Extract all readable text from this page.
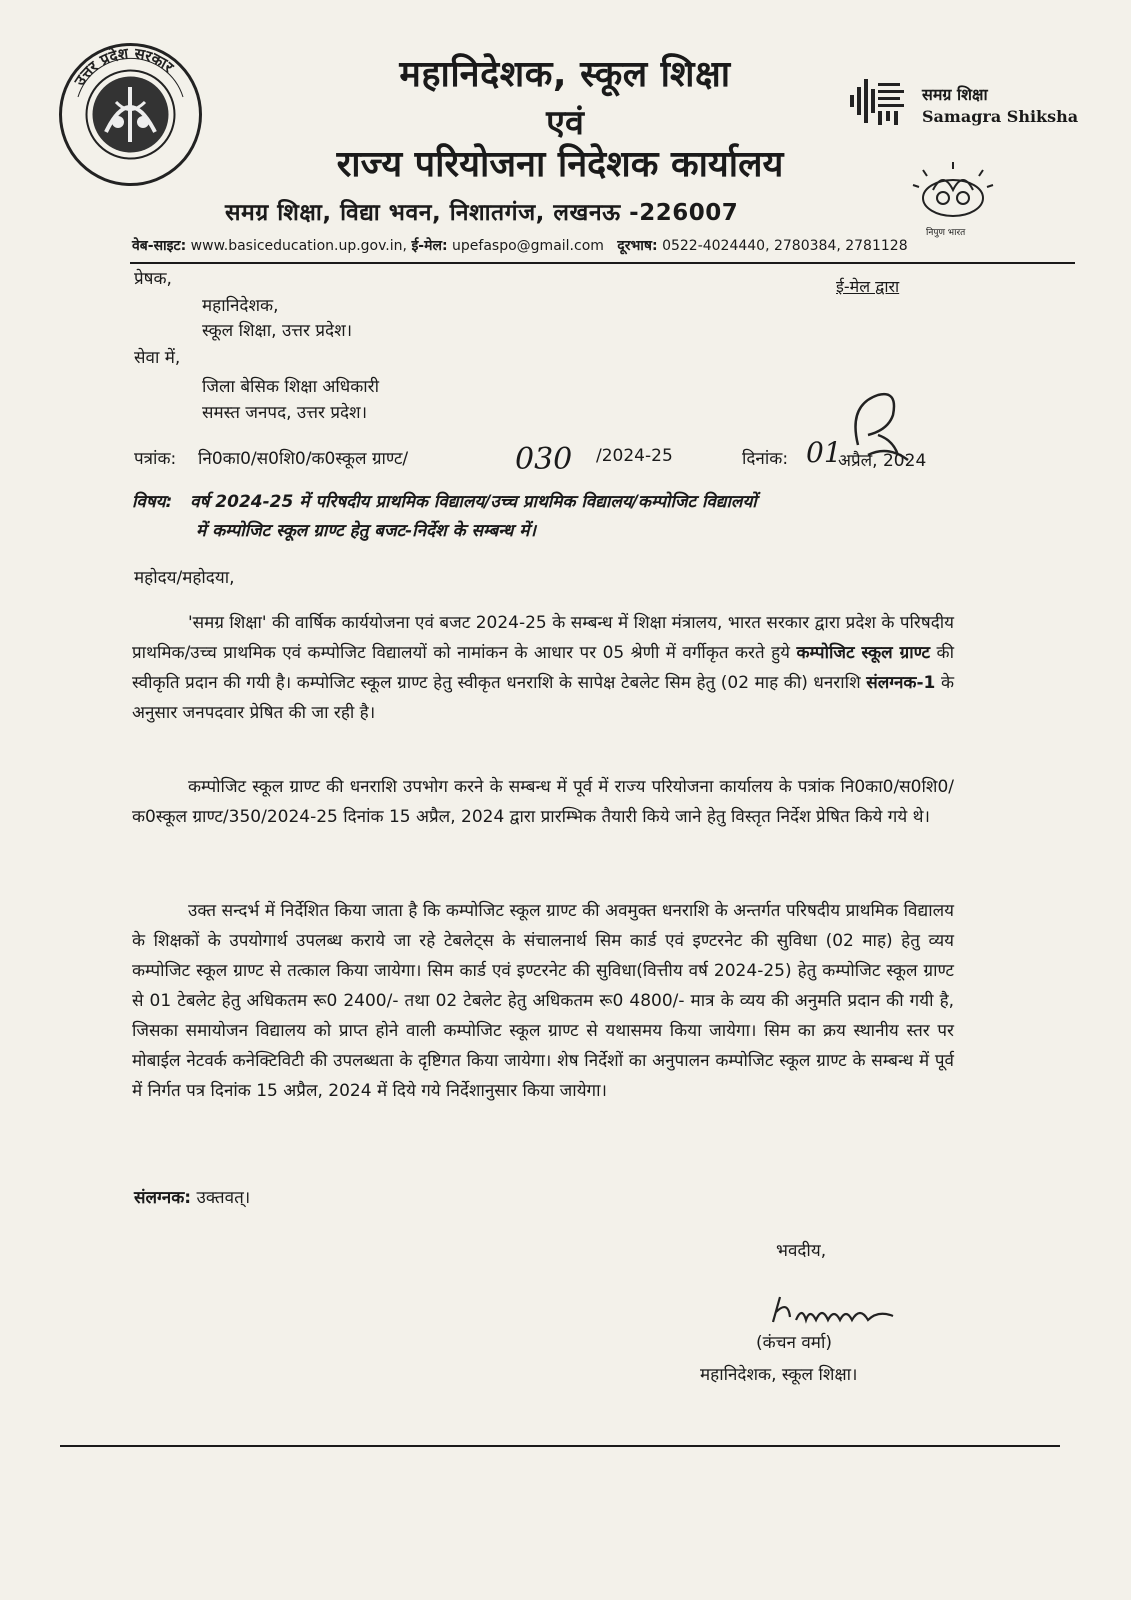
उत्तर प्रदेश सरकार	महानिदेशक, स्कूल शिक्षा
एवं
राज्य परियोजना निदेशक कार्यालय
समग्र शिक्षा, विद्या भवन, निशातगंज, लखनऊ -226007
समग्र शिक्षा
Samagra Shiksha
निपुण भारत
वेब-साइट: www.basiceducation.up.gov.in, ई-मेल: upefaspo@gmail.com दूरभाष: 0522-4024440, 2780384, 2781128
प्रेषक,	ई-मेल द्वारा
महानिदेशक,
स्कूल शिक्षा, उत्तर प्रदेश।
सेवा में,
जिला बेसिक शिक्षा अधिकारी
समस्त जनपद, उत्तर प्रदेश।
पत्रांक: नि0का0/स0शि0/क0स्कूल ग्राण्ट/	030 /2024-25	दिनांक: 01
अप्रैल, 2024
विषय: वर्ष 2024-25 में परिषदीय प्राथमिक विद्यालय/उच्च प्राथमिक विद्यालय/कम्पोजिट विद्यालयों
में कम्पोजिट स्कूल ग्राण्ट हेतु बजट-निर्देश के सम्बन्ध में।
महोदय/महोदया,

'समग्र शिक्षा' की वार्षिक कार्ययोजना एवं बजट 2024-25 के सम्बन्ध में शिक्षा मंत्रालय, भारत सरकार द्वारा प्रदेश के परिषदीय प्राथमिक/उच्च प्राथमिक एवं कम्पोजिट विद्यालयों को नामांकन के आधार पर 05 श्रेणी में वर्गीकृत करते हुये कम्पोजिट स्कूल ग्राण्ट की स्वीकृति प्रदान की गयी है। कम्पोजिट स्कूल ग्राण्ट हेतु स्वीकृत धनराशि के सापेक्ष टेबलेट सिम हेतु (02 माह की) धनराशि संलग्नक-1 के अनुसार जनपदवार प्रेषित की जा रही है।

कम्पोजिट स्कूल ग्राण्ट की धनराशि उपभोग करने के सम्बन्ध में पूर्व में राज्य परियोजना कार्यालय के पत्रांक नि0का0/स0शि0/क0स्कूल ग्राण्ट/350/2024-25 दिनांक 15 अप्रैल, 2024 द्वारा प्रारम्भिक तैयारी किये जाने हेतु विस्तृत निर्देश प्रेषित किये गये थे।

उक्त सन्दर्भ में निर्देशित किया जाता है कि कम्पोजिट स्कूल ग्राण्ट की अवमुक्त धनराशि के अन्तर्गत परिषदीय प्राथमिक विद्यालय के शिक्षकों के उपयोगार्थ उपलब्ध कराये जा रहे टेबलेट्स के संचालनार्थ सिम कार्ड एवं इण्टरनेट की सुविधा (02 माह) हेतु व्यय कम्पोजिट स्कूल ग्राण्ट से तत्काल किया जायेगा। सिम कार्ड एवं इण्टरनेट की सुविधा(वित्तीय वर्ष 2024-25) हेतु कम्पोजिट स्कूल ग्राण्ट से 01 टेबलेट हेतु अधिकतम रू0 2400/- तथा 02 टेबलेट हेतु अधिकतम रू0 4800/- मात्र के व्यय की अनुमति प्रदान की गयी है, जिसका समायोजन विद्यालय को प्राप्त होने वाली कम्पोजिट स्कूल ग्राण्ट से यथासमय किया जायेगा। सिम का क्रय स्थानीय स्तर पर मोबाईल नेटवर्क कनेक्टिविटी की उपलब्धता के दृष्टिगत किया जायेगा। शेष निर्देशों का अनुपालन कम्पोजिट स्कूल ग्राण्ट के सम्बन्ध में पूर्व में निर्गत पत्र दिनांक 15 अप्रैल, 2024 में दिये गये निर्देशानुसार किया जायेगा।

संलग्नक: उक्तवत्।
भवदीय,
(कंचन वर्मा)
महानिदेशक, स्कूल शिक्षा।
